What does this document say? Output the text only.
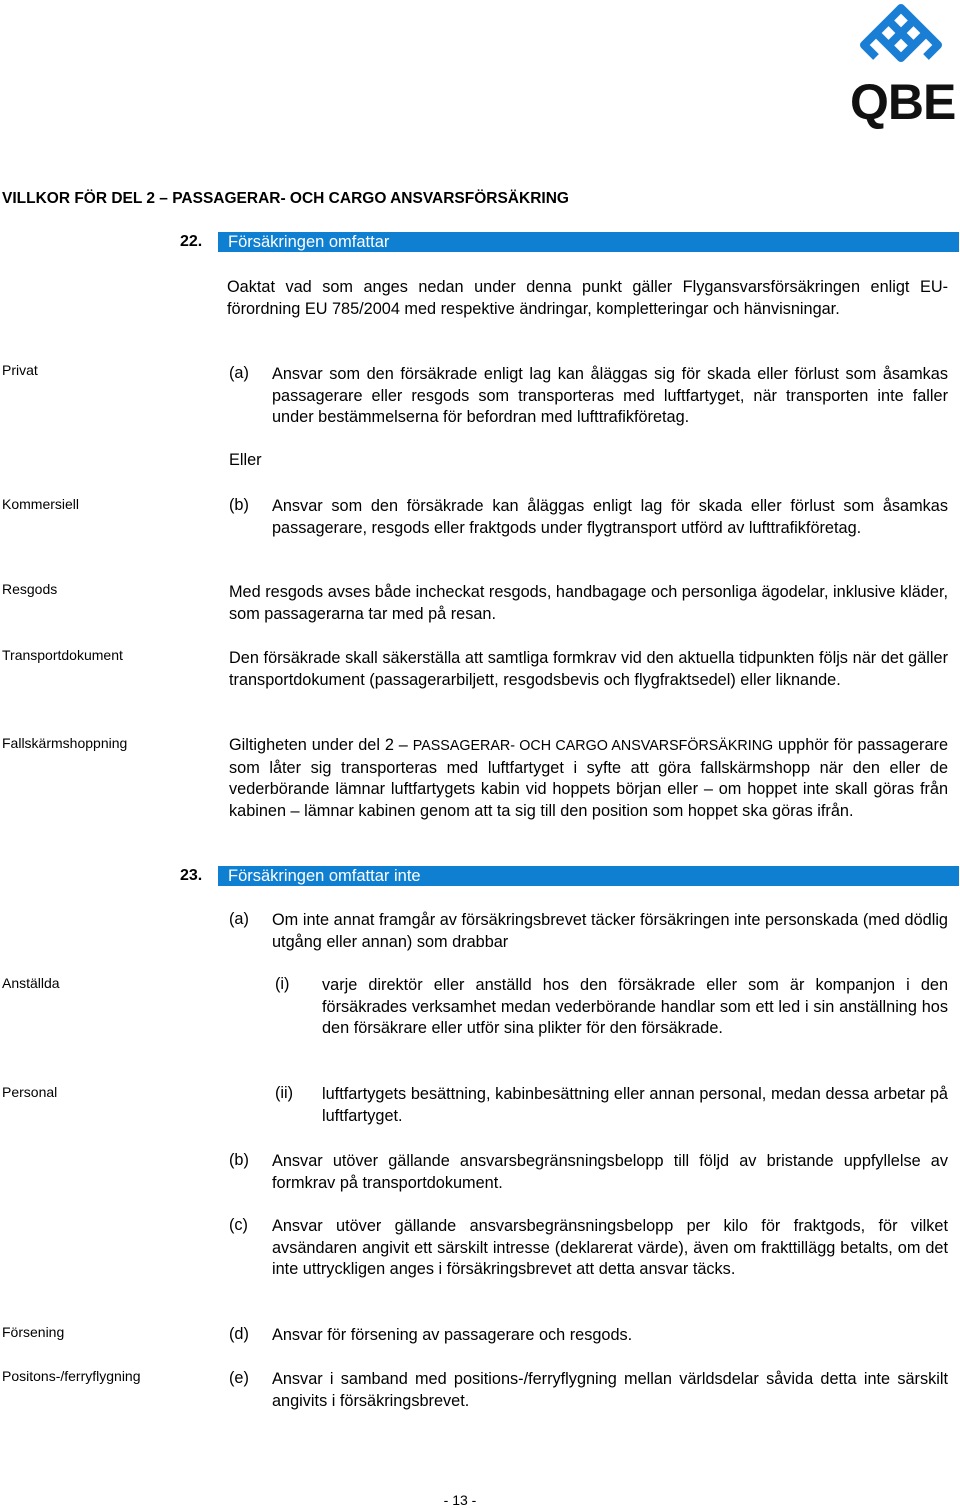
QBE
VILLKOR FÖR DEL 2 – PASSAGERAR- OCH CARGO ANSVARSFÖRSÄKRING
22.	Försäkringen omfattar
Oaktat vad som anges nedan under denna punkt gäller Flygansvarsförsäkringen enligt EU-förordning EU 785/2004 med respektive ändringar, kompletteringar och hänvisningar.
Privat	(a) Ansvar som den försäkrade enligt lag kan åläggas sig för skada eller förlust som åsamkas passagerare eller resgods som transporteras med luftfartyget, när transporten inte faller under bestämmelserna för befordran med lufttrafikföretag.
Eller
Kommersiell	(b) Ansvar som den försäkrade kan åläggas enligt lag för skada eller förlust som åsamkas passagerare, resgods eller fraktgods under flygtransport utförd av lufttrafikföretag.
Resgods	Med resgods avses både incheckat resgods, handbagage och personliga ägodelar, inklusive kläder, som passagerarna tar med på resan.
Transportdokument	Den försäkrade skall säkerställa att samtliga formkrav vid den aktuella tidpunkten följs när det gäller transportdokument (passagerarbiljett, resgodsbevis och flygfraktsedel) eller liknande.
Fallskärmshoppning	Giltigheten under del 2 – PASSAGERAR- OCH CARGO ANSVARSFÖRSÄKRING upphör för passagerare som låter sig transporteras med luftfartyget i syfte att göra fallskärmshopp när den eller de vederbörande lämnar luftfartygets kabin vid hoppets början eller – om hoppet inte skall göras från kabinen – lämnar kabinen genom att ta sig till den position som hoppet ska göras ifrån.
23.	Försäkringen omfattar inte
(a) Om inte annat framgår av försäkringsbrevet täcker försäkringen inte personskada (med dödlig utgång eller annan) som drabbar
Anställda	(i) varje direktör eller anställd hos den försäkrade eller som är kompanjon i den försäkrades verksamhet medan vederbörande handlar som ett led i sin anställning hos den försäkrare eller utför sina plikter för den försäkrade.
Personal	(ii) luftfartygets besättning, kabinbesättning eller annan personal, medan dessa arbetar på luftfartyget.
(b) Ansvar utöver gällande ansvarsbegränsningsbelopp till följd av bristande uppfyllelse av formkrav på transportdokument.
(c) Ansvar utöver gällande ansvarsbegränsningsbelopp per kilo för fraktgods, för vilket avsändaren angivit ett särskilt intresse (deklarerat värde), även om frakttillägg betalts, om det inte uttryckligen anges i försäkringsbrevet att detta ansvar täcks.
Försening	(d) Ansvar för försening av passagerare och resgods.
Positons-/ferryflygning	(e) Ansvar i samband med positions-/ferryflygning mellan världsdelar såvida detta inte särskilt angivits i försäkringsbrevet.
- 13 -
